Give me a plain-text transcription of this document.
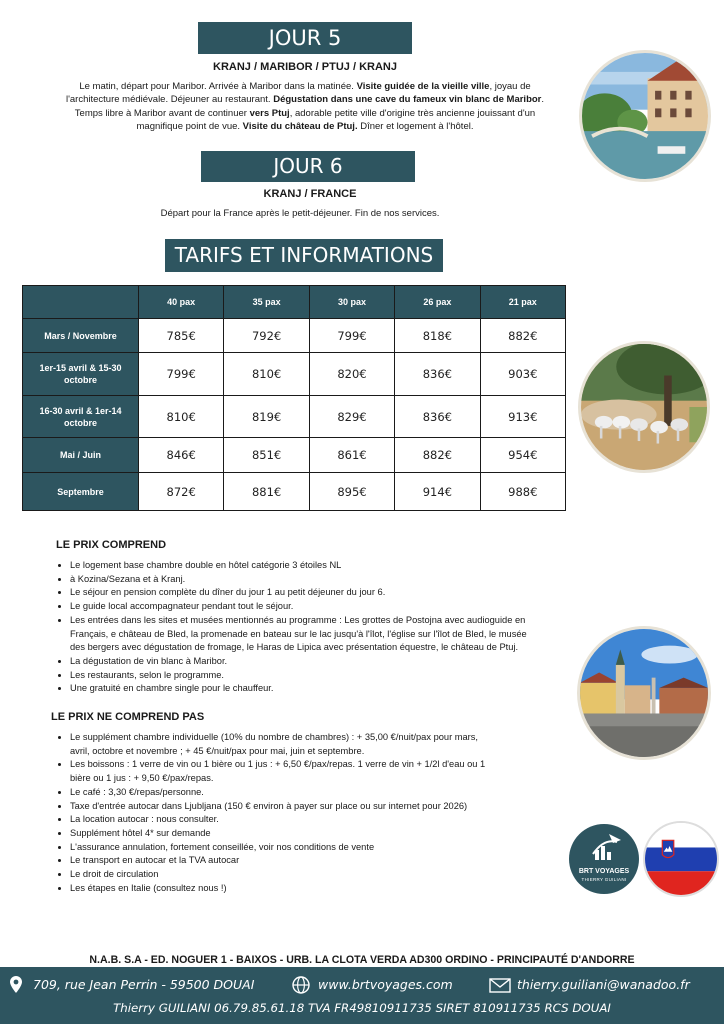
JOUR 5
KRANJ / MARIBOR / PTUJ / KRANJ
Le matin, départ pour Maribor. Arrivée à Maribor dans la matinée. Visite guidée de la vieille ville, joyau de
l'architecture médiévale. Déjeuner au restaurant. Dégustation dans une cave du fameux vin blanc de Maribor.
Temps libre à Maribor avant de continuer vers Ptuj, adorable petite ville d'origine très ancienne jouissant d'un
magnifique point de vue. Visite du château de Ptuj. Dîner et logement à l'hôtel.
JOUR 6
KRANJ / FRANCE
Départ pour la France après le petit-déjeuner. Fin de nos services.
TARIFS ET INFORMATIONS
	40 pax	35 pax	30 pax	26 pax	21 pax

Mars / Novembre	785€	792€	799€	818€	882€

1er-15 avril & 15-30
octobre	799€	810€	820€	836€	903€

16-30 avril & 1er-14
octobre	810€	819€	829€	836€	913€

Mai / Juin	846€	851€	861€	882€	954€

Septembre	872€	881€	895€	914€	988€
LE PRIX COMPREND
• Le logement base chambre double en hôtel catégorie 3 étoiles NL
• à Kozina/Sezana et à Kranj.
• Le séjour en pension complète du dîner du jour 1 au petit déjeuner du jour 6.
• Le guide local accompagnateur pendant tout le séjour.
• Les entrées dans les sites et musées mentionnés au programme : Les grottes de Postojna avec audioguide en
Français, e château de Bled, la promenade en bateau sur le lac jusqu'à l'îlot, l'église sur l'îlot de Bled, le musée
des bergers avec dégustation de fromage, le Haras de Lipica avec présentation équestre, le château de Ptuj.
• La dégustation de vin blanc à Maribor.
• Les restaurants, selon le programme.
• Une gratuité en chambre single pour le chauffeur.
LE PRIX NE COMPREND PAS
• Le supplément chambre individuelle (10% du nombre de chambres) : + 35,00 €/nuit/pax pour mars,
avril, octobre et novembre ; + 45 €/nuit/pax pour mai, juin et septembre.
• Les boissons : 1 verre de vin ou 1 bière ou 1 jus : + 6,50 €/pax/repas. 1 verre de vin + 1/2l d'eau ou 1
bière ou 1 jus : + 9,50 €/pax/repas.
• Le café : 3,30 €/repas/personne.
• Taxe d'entrée autocar dans Ljubljana (150 € environ à payer sur place ou sur internet pour 2026)
• La location autocar : nous consulter.
• Supplément hôtel 4* sur demande
• L'assurance annulation, fortement conseillée, voir nos conditions de vente
• Le transport en autocar et la TVA autocar
• Le droit de circulation
• Les étapes en Italie (consultez nous !)
BRT VOYAGES
THIERRY GUILIANI
N.A.B. S.A - ED. NOGUER 1 - BAIXOS - URB. LA CLOTA VERDA AD300 ORDINO - PRINCIPAUTÉ D'ANDORRE
709, rue Jean Perrin - 59500 DOUAI	www.brtvoyages.com	thierry.guiliani@wanadoo.fr
Thierry GUILIANI 06.79.85.61.18 TVA FR49810911735 SIRET 810911735 RCS DOUAI
